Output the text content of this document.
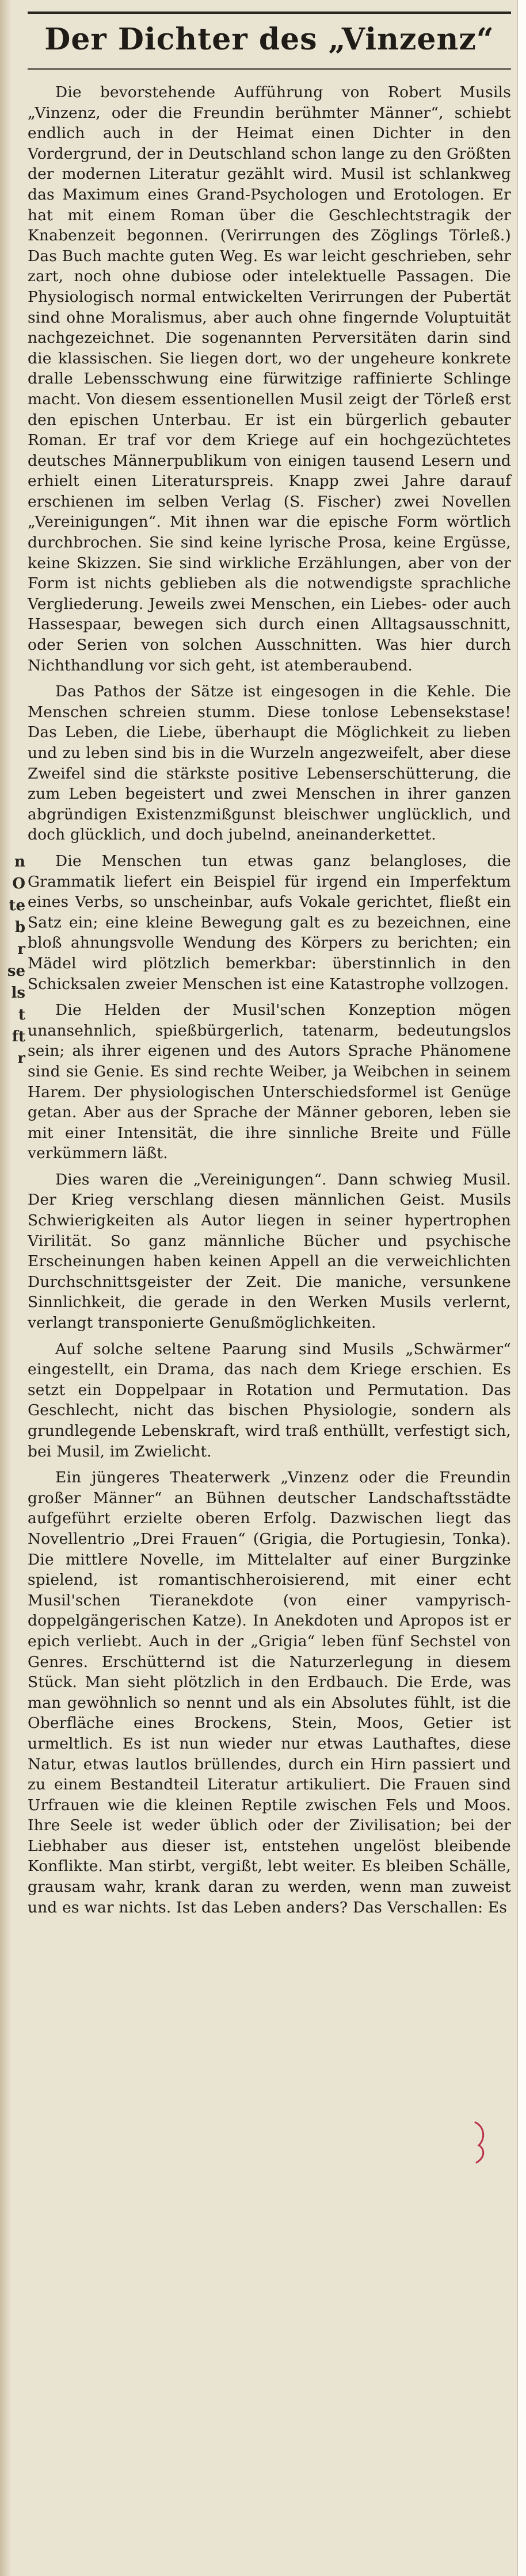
n
O
te
b
r
se
ls
t
ft
r
Der Dichter des „Vinzenz“

Die bevorstehende Aufführung von Robert Musils „Vinzenz, oder die Freundin berühmter Männer“, schiebt endlich auch in der Heimat einen Dichter in den Vordergrund, der in Deutschland schon lange zu den Größten der modernen Literatur gezählt wird. Musil ist schlankweg das Maximum eines Grand-Psychologen und Erotologen. Er hat mit einem Roman über die Geschlechtstragik der Knabenzeit begonnen. (Verirrungen des Zöglings Törleß.) Das Buch machte guten Weg. Es war leicht geschrieben, sehr zart, noch ohne dubiose oder intelektuelle Passagen. Die Physiologisch normal entwickelten Verirrungen der Pubertät sind ohne Moralismus, aber auch ohne fingernde Voluptuität nachgezeichnet. Die sogenannten Perversitäten darin sind die klassischen. Sie liegen dort, wo der ungeheure konkrete dralle Lebensschwung eine fürwitzige raffinierte Schlinge macht. Von diesem essentionellen Musil zeigt der Törleß erst den epischen Unterbau. Er ist ein bürgerlich gebauter Roman. Er traf vor dem Kriege auf ein hochgezüchtetes deutsches Männerpublikum von einigen tausend Lesern und erhielt einen Literaturspreis. Knapp zwei Jahre darauf erschienen im selben Verlag (S. Fischer) zwei Novellen „Vereinigungen“. Mit ihnen war die epische Form wörtlich durchbrochen. Sie sind keine lyrische Prosa, keine Ergüsse, keine Skizzen. Sie sind wirkliche Erzählungen, aber von der Form ist nichts geblieben als die notwendigste sprachliche Vergliederung. Jeweils zwei Menschen, ein Liebes- oder auch Hassespaar, bewegen sich durch einen Alltagsausschnitt, oder Serien von solchen Ausschnitten. Was hier durch Nichthandlung vor sich geht, ist atemberaubend.

Das Pathos der Sätze ist eingesogen in die Kehle. Die Menschen schreien stumm. Diese tonlose Lebensekstase! Das Leben, die Liebe, überhaupt die Möglichkeit zu lieben und zu leben sind bis in die Wurzeln angezweifelt, aber diese Zweifel sind die stärkste positive Lebenserschütterung, die zum Leben begeistert und zwei Menschen in ihrer ganzen abgründigen Existenzmißgunst bleischwer unglücklich, und doch glücklich, und doch jubelnd, aneinanderkettet.

Die Menschen tun etwas ganz belangloses, die Grammatik liefert ein Beispiel für irgend ein Imperfektum eines Verbs, so unscheinbar, aufs Vokale gerichtet, fließt ein Satz ein; eine kleine Bewegung galt es zu bezeichnen, eine bloß ahnungsvolle Wendung des Körpers zu berichten; ein Mädel wird plötzlich bemerkbar: überstinnlich in den Schicksalen zweier Menschen ist eine Katastrophe vollzogen.

Die Helden der Musil'schen Konzeption mögen unansehnlich, spießbürgerlich, tatenarm, bedeutungslos sein; als ihrer eigenen und des Autors Sprache Phänomene sind sie Genie. Es sind rechte Weiber, ja Weibchen in seinem Harem. Der physiologischen Unterschiedsformel ist Genüge getan. Aber aus der Sprache der Männer geboren, leben sie mit einer Intensität, die ihre sinnliche Breite und Fülle verkümmern läßt.

Dies waren die „Vereinigungen“. Dann schwieg Musil. Der Krieg verschlang diesen männlichen Geist. Musils Schwierigkeiten als Autor liegen in seiner hypertrophen Virilität. So ganz männliche Bücher und psychische Erscheinungen haben keinen Appell an die verweichlichten Durchschnittsgeister der Zeit. Die maniche, versunkene Sinnlichkeit, die gerade in den Werken Musils verlernt, verlangt transponierte Genußmöglichkeiten.

Auf solche seltene Paarung sind Musils „Schwärmer“ eingestellt, ein Drama, das nach dem Kriege erschien. Es setzt ein Doppelpaar in Rotation und Permutation. Das Geschlecht, nicht das bischen Physiologie, sondern als grundlegende Lebenskraft, wird traß enthüllt, verfestigt sich, bei Musil, im Zwielicht.

Ein jüngeres Theaterwerk „Vinzenz oder die Freundin großer Männer“ an Bühnen deutscher Landschaftsstädte aufgeführt erzielte oberen Erfolg. Dazwischen liegt das Novellentrio „Drei Frauen“ (Grigia, die Portugiesin, Tonka). Die mittlere Novelle, im Mittelalter auf einer Burgzinke spielend, ist romantischheroisierend, mit einer echt Musil'schen Tieranekdote (von einer vampyrisch-doppelgängerischen Katze). In Anekdoten und Apropos ist er epich verliebt. Auch in der „Grigia“ leben fünf Sechstel von Genres. Erschütternd ist die Naturzerlegung in diesem Stück. Man sieht plötzlich in den Erdbauch. Die Erde, was man gewöhnlich so nennt und als ein Absolutes fühlt, ist die Oberfläche eines Brockens, Stein, Moos, Getier ist urmeltlich. Es ist nun wieder nur etwas Lauthaftes, diese Natur, etwas lautlos brüllendes, durch ein Hirn passiert und zu einem Bestandteil Literatur artikuliert. Die Frauen sind Urfrauen wie die kleinen Reptile zwischen Fels und Moos. Ihre Seele ist weder üblich oder der Zivilisation; bei der Liebhaber aus dieser ist, entstehen ungelöst bleibende Konflikte. Man stirbt, vergißt, lebt weiter. Es bleiben Schälle, grausam wahr, krank daran zu werden, wenn man zuweist und es war nichts. Ist das Leben anders? Das Verschallen: Es
